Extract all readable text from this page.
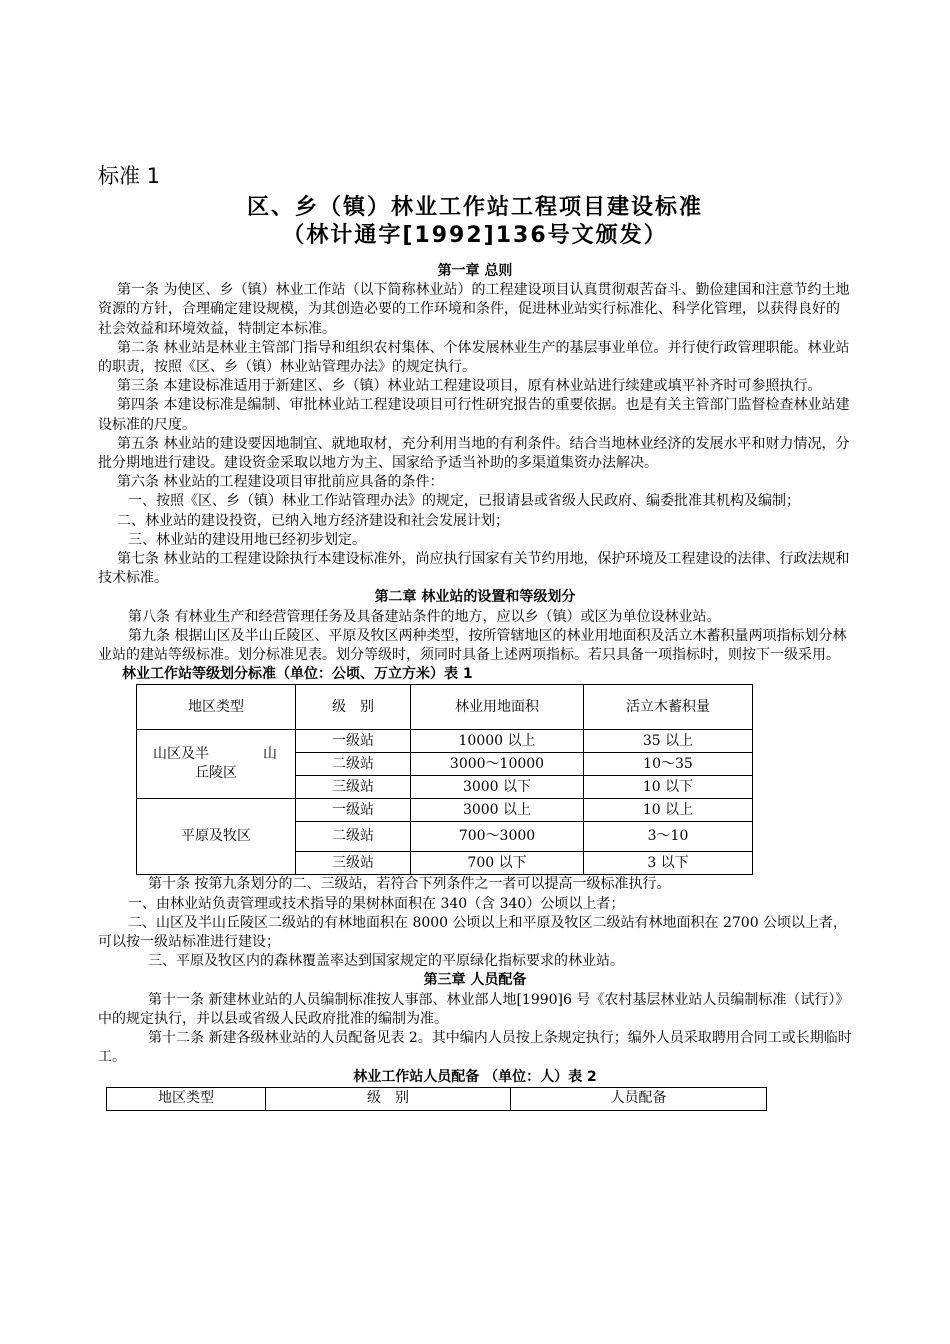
标准 1
区、乡（镇）林业工作站工程项目建设标准
（林计通字[1992]136号文颁发）

第一章 总则

第一条 为使区、乡（镇）林业工作站（以下简称林业站）的工程建设项目认真贯彻艰苦奋斗、勤俭建国和注意节约土地资源的方针，合理确定建设规模，为其创造必要的工作环境和条件，促进林业站实行标准化、科学化管理，以获得良好的社会效益和环境效益，特制定本标准。

第二条 林业站是林业主管部门指导和组织农村集体、个体发展林业生产的基层事业单位。并行使行政管理职能。林业站的职责，按照《区、乡（镇）林业站管理办法》的规定执行。

第三条 本建设标准适用于新建区、乡（镇）林业站工程建设项目，原有林业站进行续建或填平补齐时可参照执行。

第四条 本建设标准是编制、审批林业站工程建设项目可行性研究报告的重要依据。也是有关主管部门监督检查林业站建设标准的尺度。

第五条 林业站的建设要因地制宜、就地取材，充分利用当地的有利条件。结合当地林业经济的发展水平和财力情况，分批分期地进行建设。建设资金采取以地方为主、国家给予适当补助的多渠道集资办法解决。

第六条 林业站的工程建设项目审批前应具备的条件：

一、按照《区、乡（镇）林业工作站管理办法》的规定，已报请县或省级人民政府、编委批准其机构及编制；

二、林业站的建设投资，已纳入地方经济建设和社会发展计划；

三、林业站的建设用地已经初步划定。

第七条 林业站的工程建设除执行本建设标准外，尚应执行国家有关节约用地，保护环境及工程建设的法律、行政法规和技术标准。

第二章 林业站的设置和等级划分

第八条 有林业生产和经营管理任务及具备建站条件的地方，应以乡（镇）或区为单位设林业站。

第九条 根据山区及半山丘陵区、平原及牧区两种类型，按所管辖地区的林业用地面积及活立木蓄积量两项指标划分林业站的建站等级标准。划分标准见表。划分等级时，须同时具备上述两项指标。若只具备一项指标时，则按下一级采用。

林业工作站等级划分标准（单位：公顷、万立方米）表 1

地区类型	级　别	林业用地面积	活立木蓄积量

山区及半 山
丘陵区	一级站	10000 以上	35 以上
	二级站	3000～10000	10～35
	三级站	3000 以下	10 以下
平原及牧区	一级站	3000 以上	10 以上
	二级站	700～3000	3～10
	三级站	700 以下	3 以下

第十条 按第九条划分的二、三级站，若符合下列条件之一者可以提高一级标准执行。

一、由林业站负责管理或技术指导的果树林面积在 340（含 340）公顷以上者；

二、山区及半山丘陵区二级站的有林地面积在 8000 公顷以上和平原及牧区二级站有林地面积在 2700 公顷以上者，可以按一级站标准进行建设；

三、平原及牧区内的森林覆盖率达到国家规定的平原绿化指标要求的林业站。

第三章 人员配备

第十一条 新建林业站的人员编制标准按人事部、林业部人地[1990]6 号《农村基层林业站人员编制标准（试行）》中的规定执行，并以县或省级人民政府批准的编制为准。

第十二条 新建各级林业站的人员配备见表 2。其中编内人员按上条规定执行；编外人员采取聘用合同工或长期临时工。

林业工作站人员配备 （单位：人）表 2

地区类型	级　别	人员配备
